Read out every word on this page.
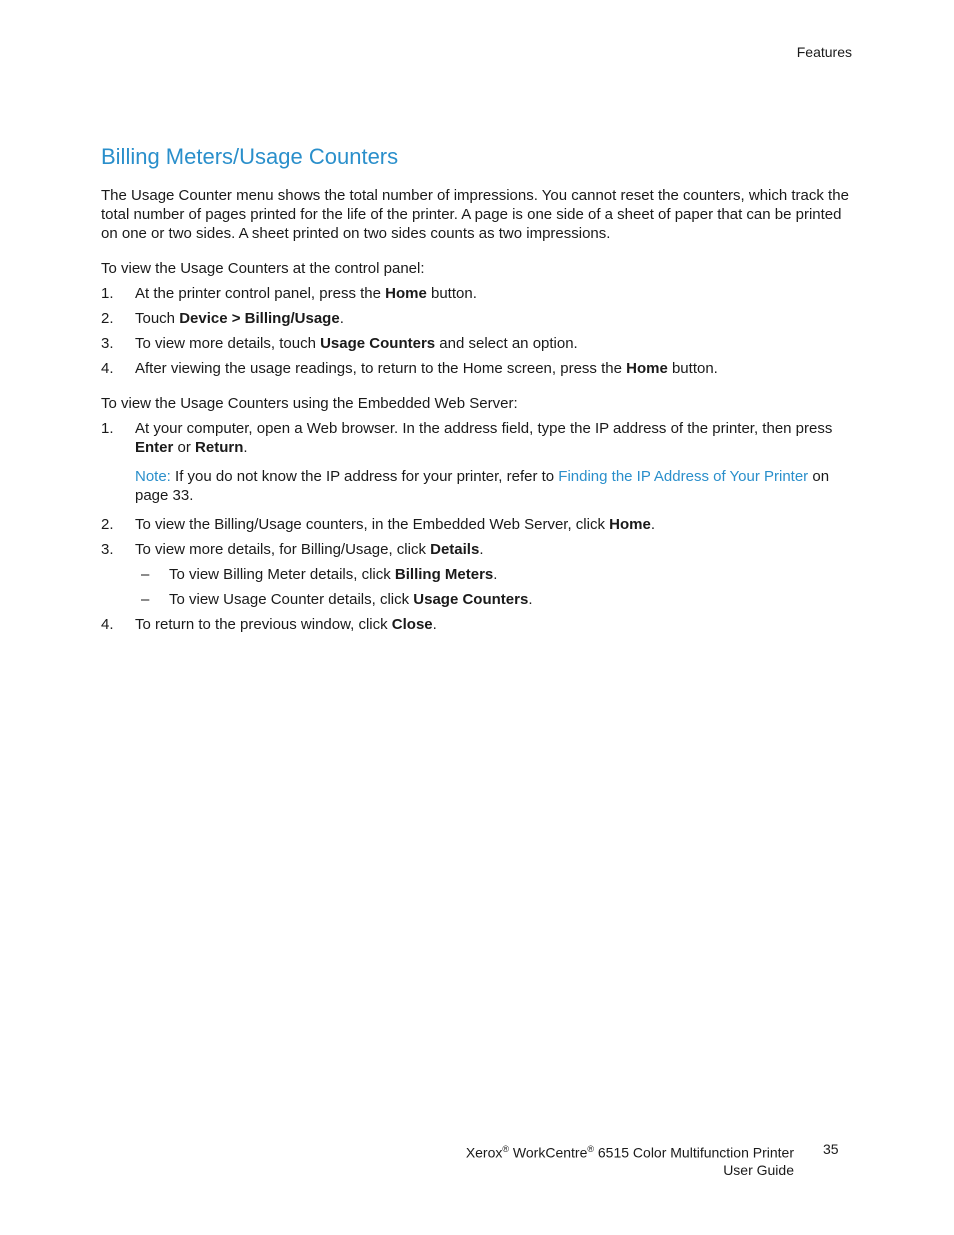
Features
Billing Meters/Usage Counters

The Usage Counter menu shows the total number of impressions. You cannot reset the counters, which track the total number of pages printed for the life of the printer. A page is one side of a sheet of paper that can be printed on one or two sides. A sheet printed on two sides counts as two impressions.

To view the Usage Counters at the control panel:

1. At the printer control panel, press the Home button.
2. Touch Device > Billing/Usage.
3. To view more details, touch Usage Counters and select an option.
4. After viewing the usage readings, to return to the Home screen, press the Home button.

To view the Usage Counters using the Embedded Web Server:

1. At your computer, open a Web browser. In the address field, type the IP address of the printer, then press Enter or Return.

Note: If you do not know the IP address for your printer, refer to Finding the IP Address of Your Printer on page 33.

2. To view the Billing/Usage counters, in the Embedded Web Server, click Home.
3. To view more details, for Billing/Usage, click Details.
– To view Billing Meter details, click Billing Meters.
– To view Usage Counter details, click Usage Counters.
4. To return to the previous window, click Close.
Xerox® WorkCentre® 6515 Color Multifunction Printer
User Guide
35
